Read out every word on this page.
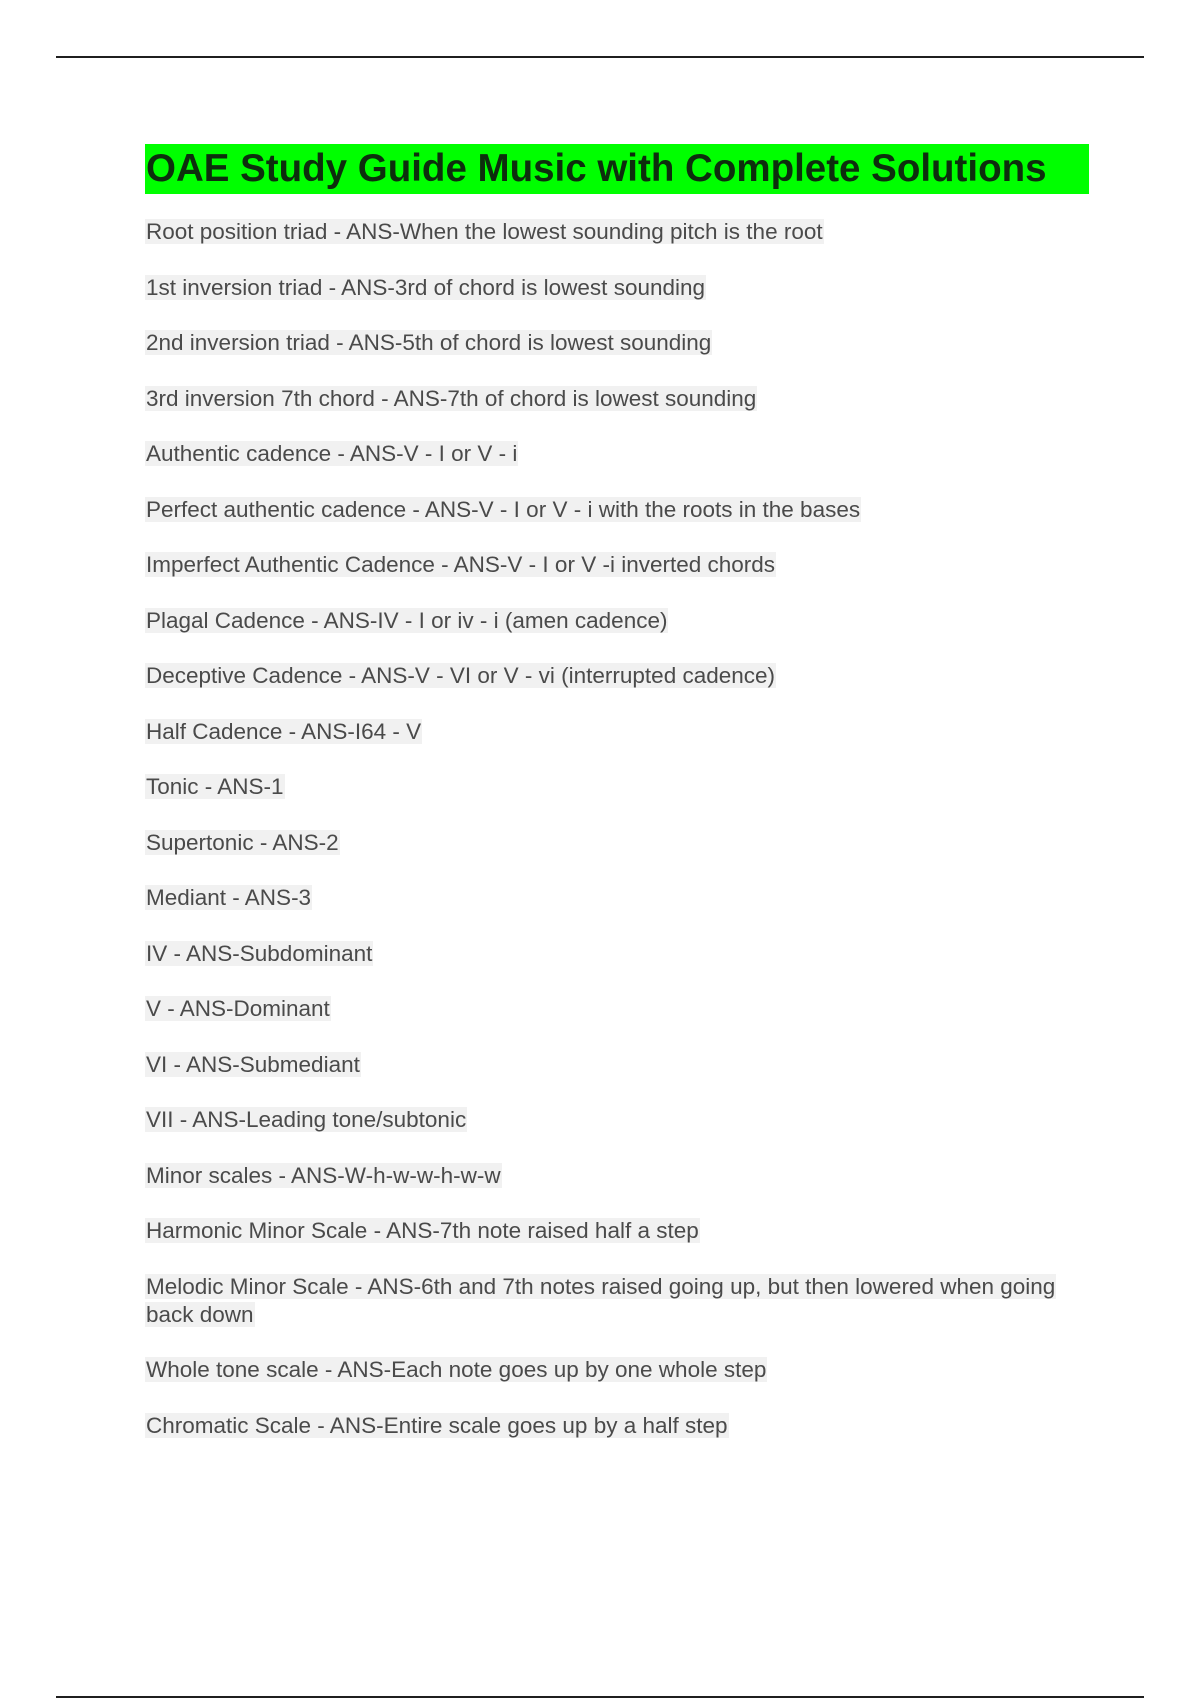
OAE Study Guide Music with Complete Solutions
Root position triad - ANS-When the lowest sounding pitch is the root
1st inversion triad - ANS-3rd of chord is lowest sounding
2nd inversion triad - ANS-5th of chord is lowest sounding
3rd inversion 7th chord - ANS-7th of chord is lowest sounding
Authentic cadence - ANS-V - I or V - i
Perfect authentic cadence - ANS-V - I or V - i with the roots in the bases
Imperfect Authentic Cadence - ANS-V - I or V -i inverted chords
Plagal Cadence - ANS-IV - I or iv - i (amen cadence)
Deceptive Cadence - ANS-V - VI or V - vi (interrupted cadence)
Half Cadence - ANS-I64 - V
Tonic - ANS-1
Supertonic - ANS-2
Mediant - ANS-3
IV - ANS-Subdominant
V - ANS-Dominant
VI - ANS-Submediant
VII - ANS-Leading tone/subtonic
Minor scales - ANS-W-h-w-w-h-w-w
Harmonic Minor Scale - ANS-7th note raised half a step
Melodic Minor Scale - ANS-6th and 7th notes raised going up, but then lowered when going back down
Whole tone scale - ANS-Each note goes up by one whole step
Chromatic Scale - ANS-Entire scale goes up by a half step
